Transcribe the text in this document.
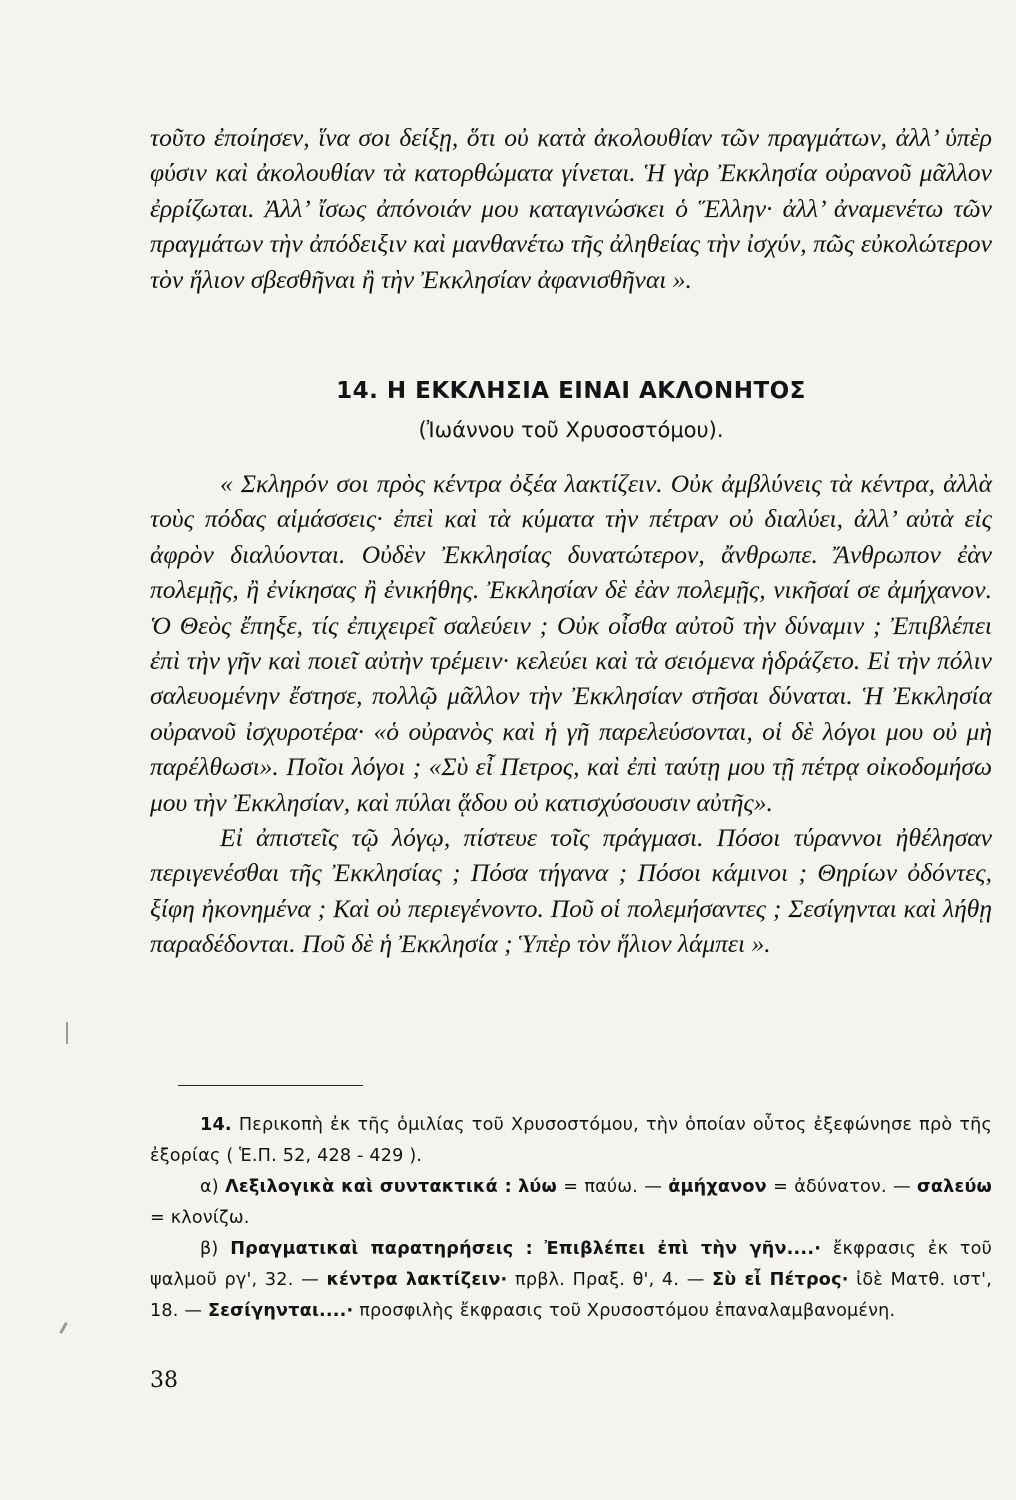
τοῦτο ἐποίησεν, ἵνα σοι δείξῃ, ὅτι οὐ κατὰ ἀκολουθίαν τῶν πραγμάτων, ἀλλ’ ὑπὲρ φύσιν καὶ ἀκολουθίαν τὰ κατορθώματα γίνεται. Ἡ γὰρ Ἐκκλησία οὐρανοῦ μᾶλλον ἐρρίζωται. Ἀλλ’ ἴσως ἀπόνοιάν μου καταγινώσκει ὁ Ἕλλην· ἀλλ’ ἀναμενέτω τῶν πραγμάτων τὴν ἀπόδειξιν καὶ μανθανέτω τῆς ἀληθείας τὴν ἰσχύν, πῶς εὐκολώτερον τὸν ἥλιον σβεσθῆναι ἢ τὴν Ἐκκλησίαν ἀφανισθῆναι ».

14. Η ΕΚΚΛΗΣΙΑ ΕΙΝΑΙ ΑΚΛΟΝΗΤΟΣ
(Ἰωάννου τοῦ Χρυσοστόμου).

« Σκληρόν σοι πρὸς κέντρα ὀξέα λακτίζειν. Οὐκ ἀμβλύνεις τὰ κέντρα, ἀλλὰ τοὺς πόδας αἱμάσσεις· ἐπεὶ καὶ τὰ κύματα τὴν πέτραν οὐ διαλύει, ἀλλ’ αὐτὰ εἰς ἀφρὸν διαλύονται. Οὐδὲν Ἐκκλησίας δυνατώτερον, ἄνθρωπε. Ἄνθρωπον ἐὰν πολεμῇς, ἢ ἐνίκησας ἢ ἐνικήθης. Ἐκκλησίαν δὲ ἐὰν πολεμῇς, νικῆσαί σε ἀμήχανον. Ὁ Θεὸς ἔπηξε, τίς ἐπιχειρεῖ σαλεύειν ; Οὐκ οἶσθα αὐτοῦ τὴν δύναμιν ; Ἐπιβλέπει ἐπὶ τὴν γῆν καὶ ποιεῖ αὐτὴν τρέμειν· κελεύει καὶ τὰ σειόμενα ἡδράζετο. Εἰ τὴν πόλιν σαλευομένην ἔστησε, πολλῷ μᾶλλον τὴν Ἐκκλησίαν στῆσαι δύναται. Ἡ Ἐκκλησία οὐρανοῦ ἰσχυροτέρα· «ὁ οὐρανὸς καὶ ἡ γῆ παρελεύσονται, οἱ δὲ λόγοι μου οὐ μὴ παρέλθωσι». Ποῖοι λόγοι ; «Σὺ εἶ Πετρος, καὶ ἐπὶ ταύτῃ μου τῇ πέτρᾳ οἰκοδομήσω μου τὴν Ἐκκλησίαν, καὶ πύλαι ᾅδου οὐ κατισχύσουσιν αὐτῆς».

Εἰ ἀπιστεῖς τῷ λόγῳ, πίστευε τοῖς πράγμασι. Πόσοι τύραννοι ἠθέλησαν περιγενέσθαι τῆς Ἐκκλησίας ; Πόσα τήγανα ; Πόσοι κάμινοι ; Θηρίων ὀδόντες, ξίφη ἠκονημένα ; Καὶ οὐ περιεγένοντο. Ποῦ οἱ πολεμήσαντες ; Σεσίγηνται καὶ λήθῃ παραδέδονται. Ποῦ δὲ ἡ Ἐκκλησία ; Ὑπὲρ τὸν ἥλιον λάμπει ».

14. Περικοπὴ ἐκ τῆς ὁμιλίας τοῦ Χρυσοστόμου, τὴν ὁποίαν οὗτος ἐξεφώνησε πρὸ τῆς ἐξορίας ( Ἑ.Π. 52, 428 - 429 ).

α) Λεξιλογικὰ καὶ συντακτικά : λύω = παύω. — ἀμήχανον = ἀδύνατον. — σαλεύω = κλονίζω.

β) Πραγματικαὶ παρατηρήσεις : Ἐπιβλέπει ἐπὶ τὴν γῆν....· ἔκφρασις ἐκ τοῦ ψαλμοῦ ργ', 32. — κέντρα λακτίζειν· πρβλ. Πραξ. θ', 4. — Σὺ εἶ Πέτρος· ἰδὲ Ματθ. ιστ', 18. — Σεσίγηνται....· προσφιλὴς ἔκφρασις τοῦ Χρυσοστόμου ἐπαναλαμβανομένη.

38
